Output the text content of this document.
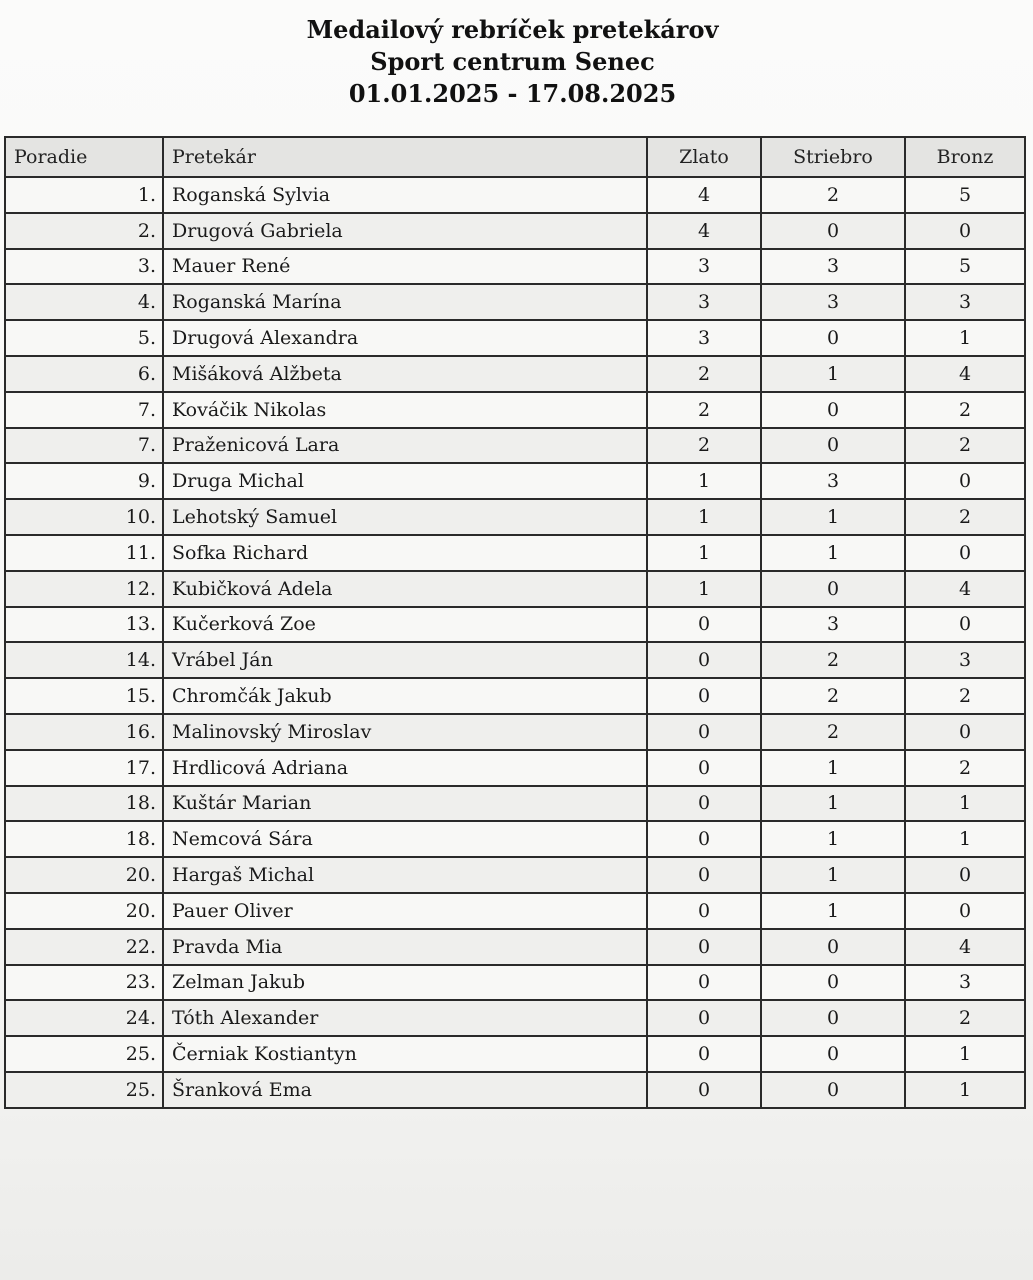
Medailový rebríček pretekárov
Sport centrum Senec
01.01.2025 - 17.08.2025
Poradie	Pretekár	Zlato	Striebro	Bronz
1.	Roganská Sylvia	4	2	5
2.	Drugová Gabriela	4	0	0
3.	Mauer René	3	3	5
4.	Roganská Marína	3	3	3
5.	Drugová Alexandra	3	0	1
6.	Mišáková Alžbeta	2	1	4
7.	Kováčik Nikolas	2	0	2
7.	Praženicová Lara	2	0	2
9.	Druga Michal	1	3	0
10.	Lehotský Samuel	1	1	2
11.	Sofka Richard	1	1	0
12.	Kubičková Adela	1	0	4
13.	Kučerková Zoe	0	3	0
14.	Vrábel Ján	0	2	3
15.	Chromčák Jakub	0	2	2
16.	Malinovský Miroslav	0	2	0
17.	Hrdlicová Adriana	0	1	2
18.	Kuštár Marian	0	1	1
18.	Nemcová Sára	0	1	1
20.	Hargaš Michal	0	1	0
20.	Pauer Oliver	0	1	0
22.	Pravda Mia	0	0	4
23.	Zelman Jakub	0	0	3
24.	Tóth Alexander	0	0	2
25.	Černiak Kostiantyn	0	0	1
25.	Šranková Ema	0	0	1
